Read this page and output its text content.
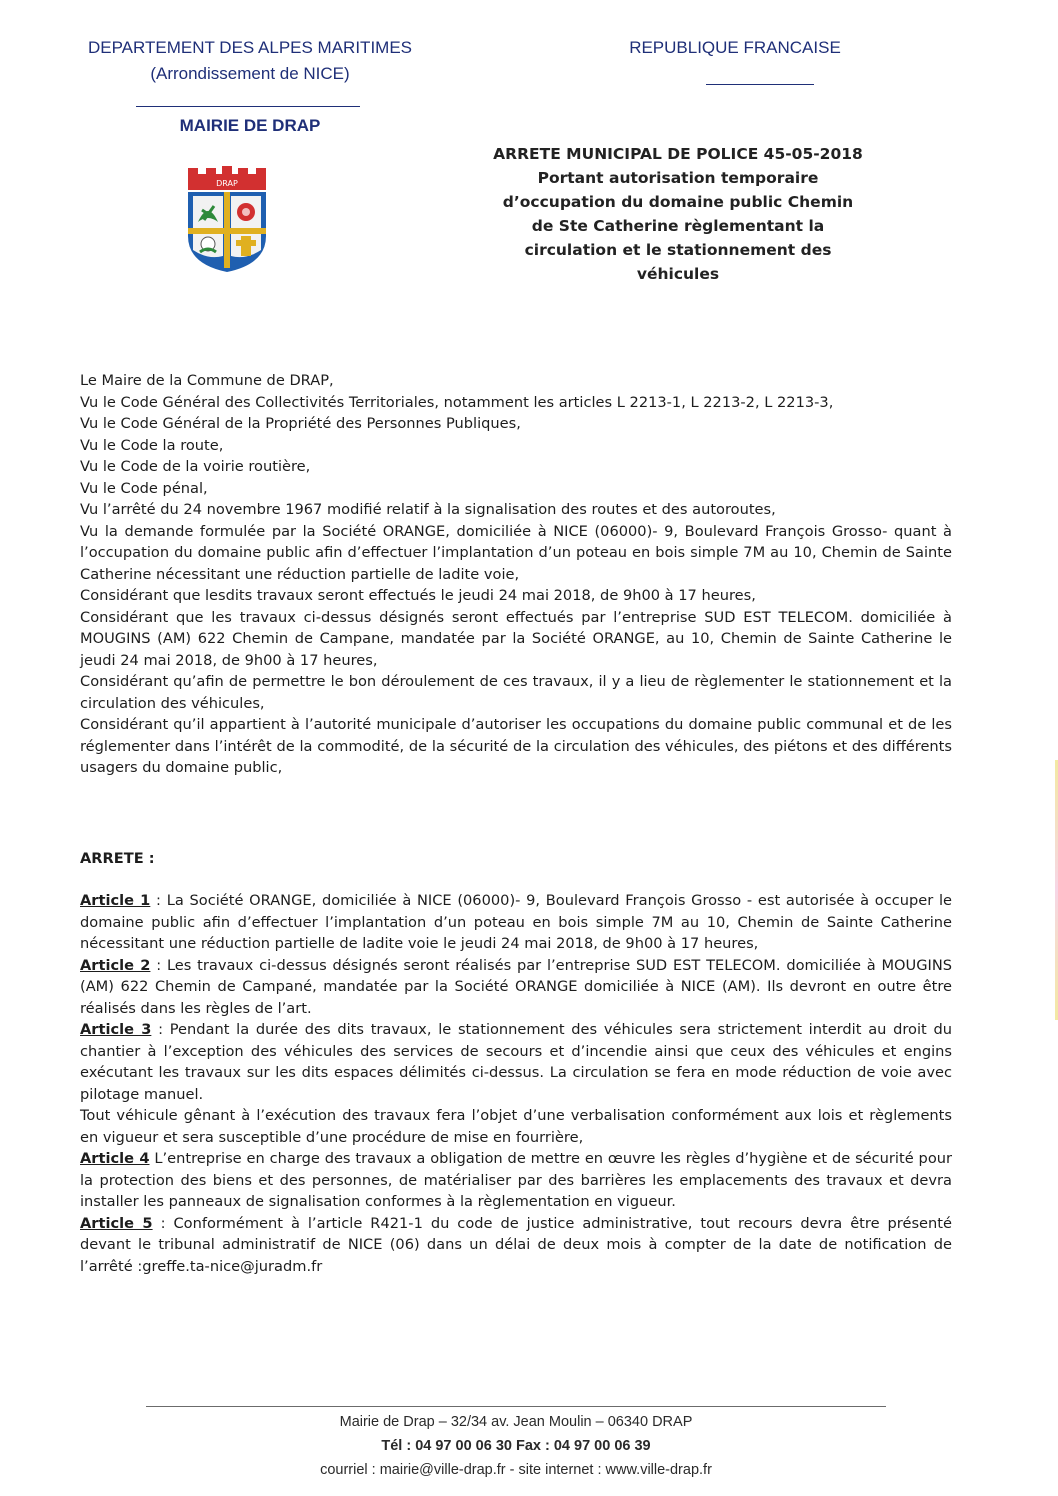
DEPARTEMENT DES ALPES MARITIMES
(Arrondissement de NICE)
REPUBLIQUE FRANCAISE
MAIRIE DE DRAP
DRAP
ARRETE MUNICIPAL DE POLICE 45-05-2018
Portant autorisation temporaire
d’occupation du domaine public Chemin
de Ste Catherine règlementant la
circulation et le stationnement des
véhicules

Le Maire de la Commune de DRAP,

Vu le Code Général des Collectivités Territoriales, notamment les articles L 2213-1, L 2213-2, L 2213-3,

Vu le Code Général de la Propriété des Personnes Publiques,

Vu le Code la route,

Vu le Code de la voirie routière,

Vu le Code pénal,

Vu l’arrêté du 24 novembre 1967 modifié relatif à la signalisation des routes et des autoroutes,

Vu la demande formulée par la Société ORANGE, domiciliée à NICE (06000)- 9, Boulevard François Grosso- quant à l’occupation du domaine public afin d’effectuer l’implantation d’un poteau en bois simple 7M au 10, Chemin de Sainte Catherine nécessitant une réduction partielle de ladite voie,

Considérant que lesdits travaux seront effectués le jeudi 24 mai 2018, de 9h00 à 17 heures,

Considérant que les travaux ci-dessus désignés seront effectués par l’entreprise SUD EST TELECOM. domiciliée à MOUGINS (AM) 622 Chemin de Campane, mandatée par la Société ORANGE, au 10, Chemin de Sainte Catherine le jeudi 24 mai 2018, de 9h00 à 17 heures,

Considérant qu’afin de permettre le bon déroulement de ces travaux, il y a lieu de règlementer le stationnement et la circulation des véhicules,

Considérant qu’il appartient à l’autorité municipale d’autoriser les occupations du domaine public communal et de les réglementer dans l’intérêt de la commodité, de la sécurité de la circulation des véhicules, des piétons et des différents usagers du domaine public,

ARRETE :

Article 1 : La Société ORANGE, domiciliée à NICE (06000)- 9, Boulevard François Grosso - est autorisée à occuper le domaine public afin d’effectuer l’implantation d’un poteau en bois simple 7M au 10, Chemin de Sainte Catherine nécessitant une réduction partielle de ladite voie le jeudi 24 mai 2018, de 9h00 à 17 heures,

Article 2 : Les travaux ci-dessus désignés seront réalisés par l’entreprise SUD EST TELECOM. domiciliée à MOUGINS (AM) 622 Chemin de Campané, mandatée par la Société ORANGE domiciliée à NICE (AM). Ils devront en outre être réalisés dans les règles de l’art.

Article 3 : Pendant la durée des dits travaux, le stationnement des véhicules sera strictement interdit au droit du chantier à l’exception des véhicules des services de secours et d’incendie ainsi que ceux des véhicules et engins exécutant les travaux sur les dits espaces délimités ci-dessus. La circulation se fera en mode réduction de voie avec pilotage manuel.

Tout véhicule gênant à l’exécution des travaux fera l’objet d’une verbalisation conformément aux lois et règlements en vigueur et sera susceptible d’une procédure de mise en fourrière,

Article 4 L’entreprise en charge des travaux a obligation de mettre en œuvre les règles d’hygiène et de sécurité pour la protection des biens et des personnes, de matérialiser par des barrières les emplacements des travaux et devra installer les panneaux de signalisation conformes à la règlementation en vigueur.

Article 5 : Conformément à l’article R421-1 du code de justice administrative, tout recours devra être présenté devant le tribunal administratif de NICE (06) dans un délai de deux mois à compter de la date de notification de l’arrêté :greffe.ta-nice@juradm.fr

Mairie de Drap – 32/34 av. Jean Moulin – 06340 DRAP
Tél : 04 97 00 06 30 Fax : 04 97 00 06 39
courriel : mairie@ville-drap.fr - site internet : www.ville-drap.fr
